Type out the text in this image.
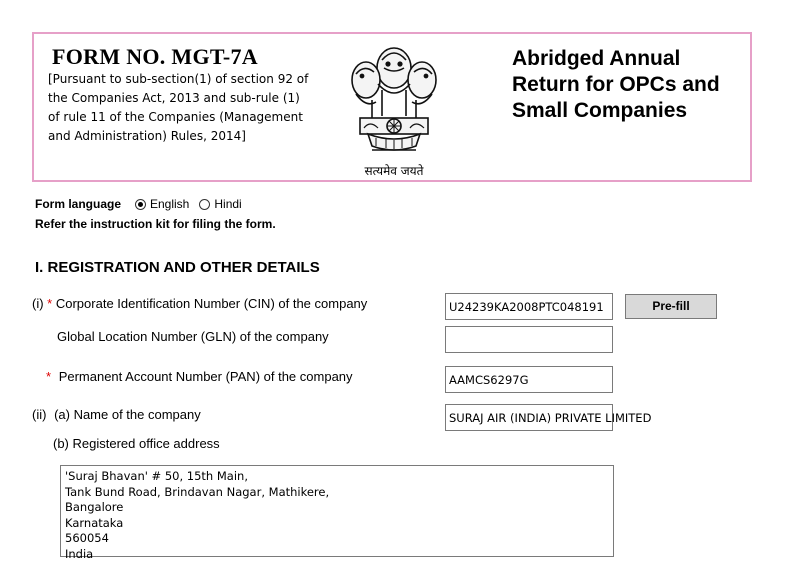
FORM NO. MGT-7A
[Pursuant to sub-section(1) of section 92 of the Companies Act, 2013 and sub-rule (1) of rule 11 of the Companies (Management and Administration) Rules, 2014]
सत्यमेव जयते
Abridged Annual Return for OPCs and Small Companies
Form language	English Hindi
Refer the instruction kit for filing the form.
I. REGISTRATION AND OTHER DETAILS
(i) * Corporate Identification Number (CIN) of the company	U24239KA2008PTC048191	Pre-fill
Global Location Number (GLN) of the company
* Permanent Account Number (PAN) of the company	AAMCS6297G
(ii) (a) Name of the company	SURAJ AIR (INDIA) PRIVATE LIMITED
(b) Registered office address
'Suraj Bhavan' # 50, 15th Main,
Tank Bund Road, Brindavan Nagar, Mathikere,
Bangalore
Karnataka
560054
India
